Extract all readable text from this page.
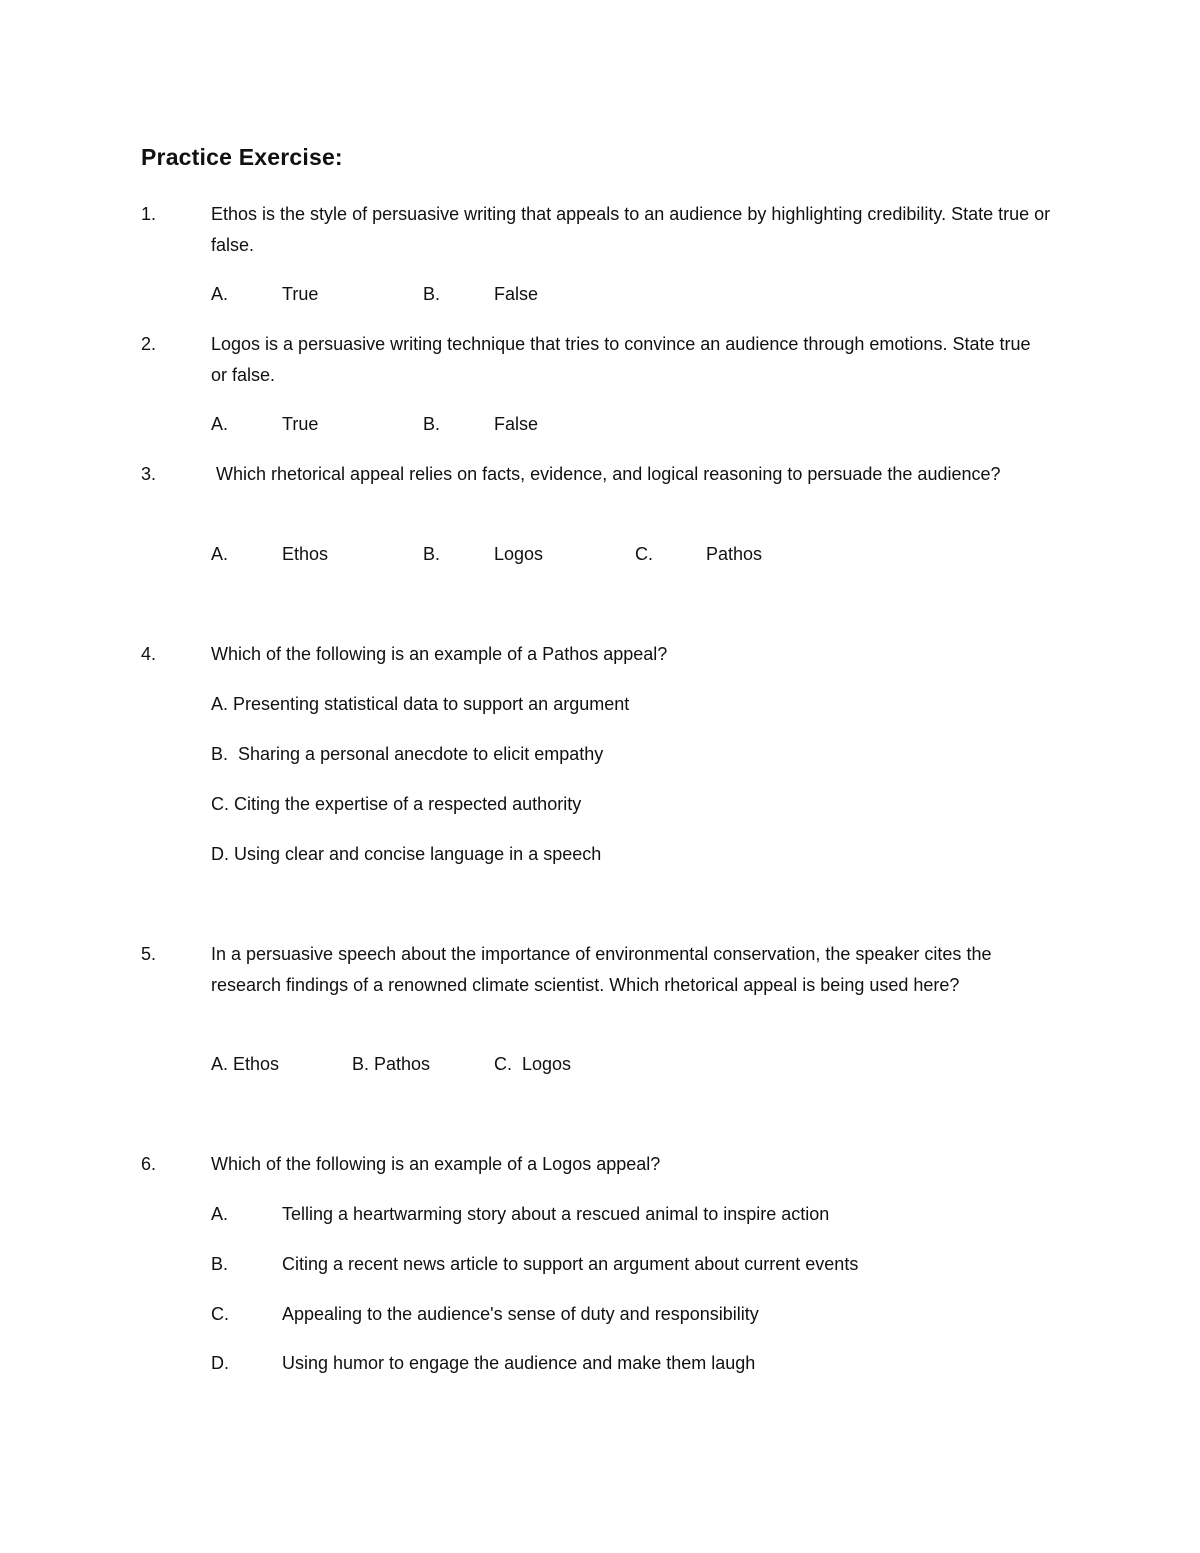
Practice Exercise:
1.	Ethos is the style of persuasive writing that appeals to an audience by highlighting credibility. State true or false.

A.	True	B.	False
2.	Logos is a persuasive writing technique that tries to convince an audience through emotions. State true or false.

A.	True	B.	False
3.	Which rhetorical appeal relies on facts, evidence, and logical reasoning to persuade the audience?

A.	Ethos	B.	Logos	C.	Pathos
4.	Which of the following is an example of a Pathos appeal?

A. Presenting statistical data to support an argument
B.  Sharing a personal anecdote to elicit empathy
C. Citing the expertise of a respected authority
D. Using clear and concise language in a speech
5.	In a persuasive speech about the importance of environmental conservation, the speaker cites the research findings of a renowned climate scientist. Which rhetorical appeal is being used here?

A. Ethos	B. Pathos	C.  Logos
6.	Which of the following is an example of a Logos appeal?

A.	Telling a heartwarming story about a rescued animal to inspire action
B.	Citing a recent news article to support an argument about current events
C.	Appealing to the audience's sense of duty and responsibility
D.	Using humor to engage the audience and make them laugh
